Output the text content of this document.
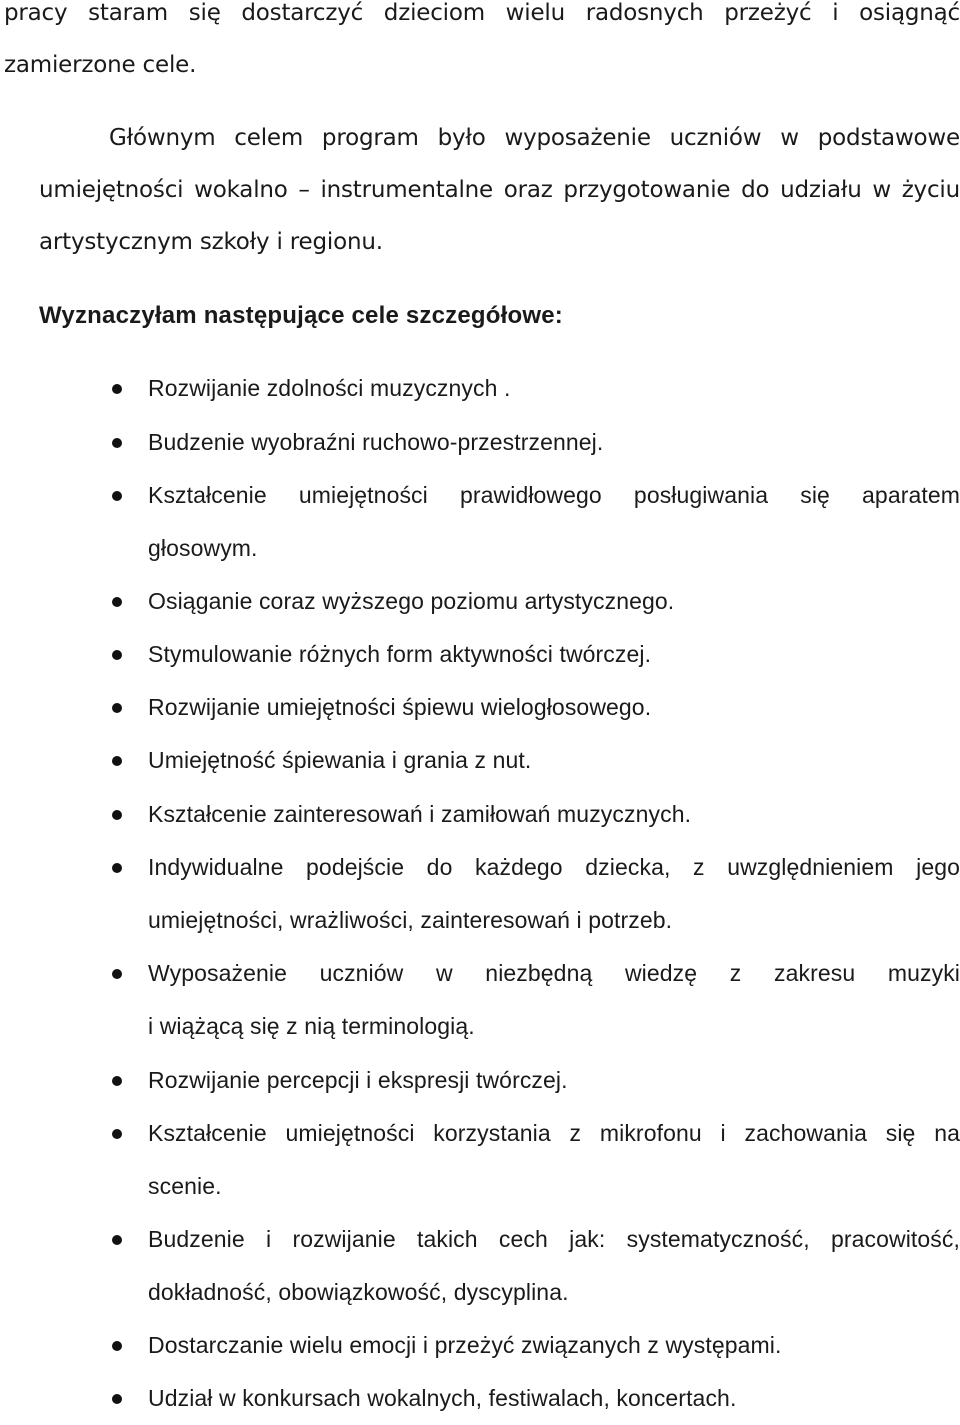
pracy staram się dostarczyć dzieciom wielu radosnych przeżyć i osiągnąć
zamierzone cele.
Głównym celem program było wyposażenie uczniów w podstawowe
umiejętności wokalno – instrumentalne oraz przygotowanie do udziału w życiu
artystycznym szkoły i regionu.
Wyznaczyłam następujące cele szczegółowe:
Rozwijanie zdolności muzycznych .
Budzenie wyobraźni ruchowo-przestrzennej.
Kształcenie umiejętności prawidłowego posługiwania się aparatem
głosowym.
Osiąganie coraz wyższego poziomu artystycznego.
Stymulowanie różnych form aktywności twórczej.
Rozwijanie umiejętności śpiewu wielogłosowego.
Umiejętność śpiewania i grania z nut.
Kształcenie zainteresowań i zamiłowań muzycznych.
Indywidualne podejście do każdego dziecka, z uwzględnieniem jego
umiejętności, wrażliwości, zainteresowań i potrzeb.
Wyposażenie uczniów w niezbędną wiedzę z zakresu muzyki
i wiążącą się z nią terminologią.
Rozwijanie percepcji i ekspresji twórczej.
Kształcenie umiejętności korzystania z mikrofonu i zachowania się na
scenie.
Budzenie i rozwijanie takich cech jak: systematyczność, pracowitość,
dokładność, obowiązkowość, dyscyplina.
Dostarczanie wielu emocji i przeżyć związanych z występami.
Udział w konkursach wokalnych, festiwalach, koncertach.
